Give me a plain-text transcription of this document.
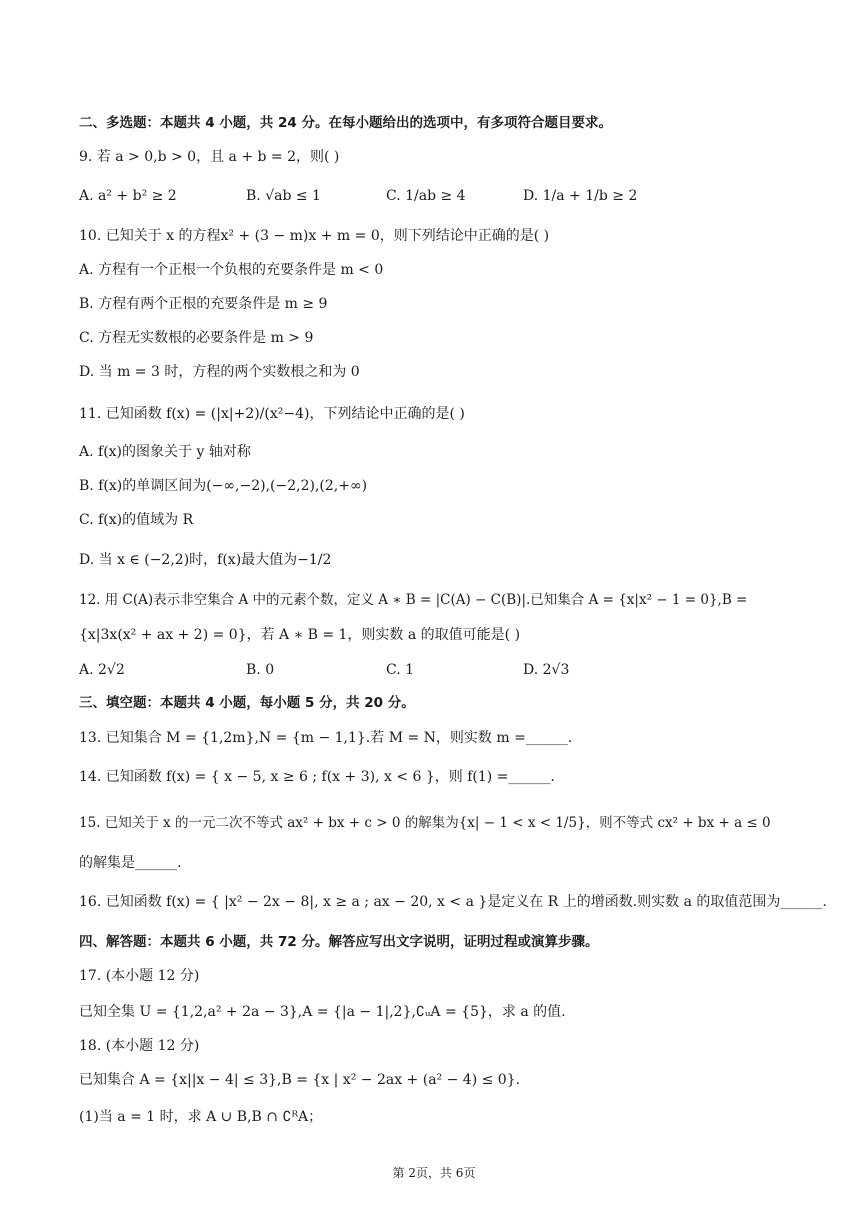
二、多选题：本题共 4 小题，共 24 分。在每小题给出的选项中，有多项符合题目要求。
9. 若 a > 0,b > 0，且 a + b = 2，则( )
A. a² + b² ≥ 2	B. √ab ≤ 1	C. 1/ab ≥ 4	D. 1/a + 1/b ≥ 2
10. 已知关于 x 的方程x² + (3 − m)x + m = 0，则下列结论中正确的是( )
A. 方程有一个正根一个负根的充要条件是 m < 0
B. 方程有两个正根的充要条件是 m ≥ 9
C. 方程无实数根的必要条件是 m > 9
D. 当 m = 3 时，方程的两个实数根之和为 0
11. 已知函数 f(x) = (|x|+2)/(x²−4)，下列结论中正确的是( )
A. f(x)的图象关于 y 轴对称
B. f(x)的单调区间为(−∞,−2),(−2,2),(2,+∞)
C. f(x)的值域为 R
D. 当 x ∈ (−2,2)时，f(x)最大值为−1/2
12. 用 C(A)表示非空集合 A 中的元素个数，定义 A ∗ B = |C(A) − C(B)|.已知集合 A = {x|x² − 1 = 0},B =
{x|3x(x² + ax + 2) = 0}，若 A ∗ B = 1，则实数 a 的取值可能是( )
A. 2√2	B. 0	C. 1	D. 2√3
三、填空题：本题共 4 小题，每小题 5 分，共 20 分。
13. 已知集合 M = {1,2m},N = {m − 1,1}.若 M = N，则实数 m =______.
14. 已知函数 f(x) = { x − 5, x ≥ 6 ; f(x + 3), x < 6 }，则 f(1) =______.
15. 已知关于 x 的一元二次不等式 ax² + bx + c > 0 的解集为{x| − 1 < x < 1/5}，则不等式 cx² + bx + a ≤ 0
的解集是______.
16. 已知函数 f(x) = { |x² − 2x − 8|, x ≥ a ; ax − 20, x < a }是定义在 R 上的增函数.则实数 a 的取值范围为______.
四、解答题：本题共 6 小题，共 72 分。解答应写出文字说明，证明过程或演算步骤。
17. (本小题 12 分)
已知全集 U = {1,2,a² + 2a − 3},A = {|a − 1|,2},∁ᵤA = {5}，求 a 的值.
18. (本小题 12 分)
已知集合 A = {x||x − 4| ≤ 3},B = {x | x² − 2ax + (a² − 4) ≤ 0}.
(1)当 a = 1 时，求 A ∪ B,B ∩ ∁ᴿA；
第 2页，共 6页
